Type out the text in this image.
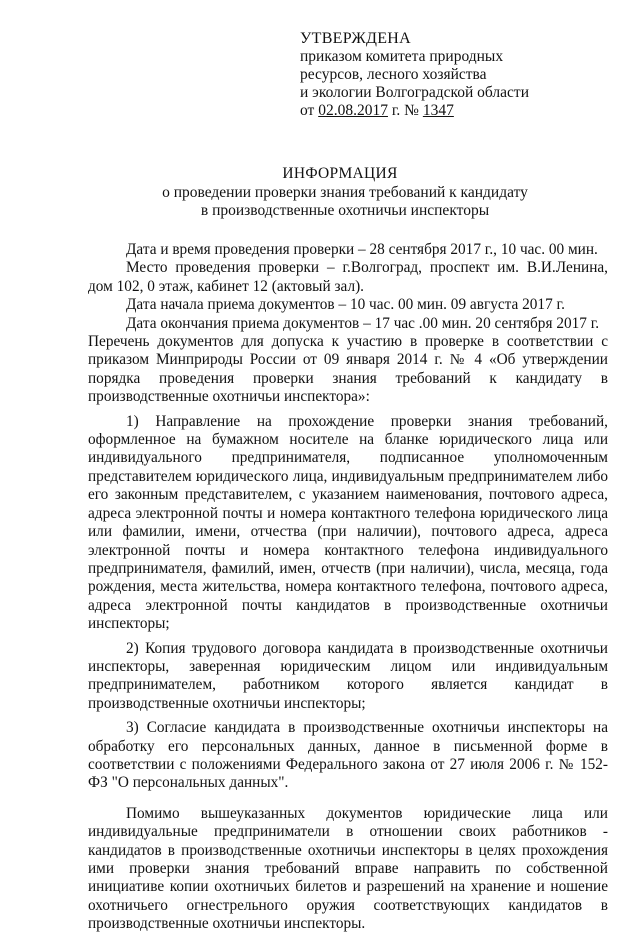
УТВЕРЖДЕНА
приказом комитета природных
ресурсов, лесного хозяйства
и экологии Волгоградской области
от 02.08.2017 г. № 1347
ИНФОРМАЦИЯ
о проведении проверки знания требований к кандидату
в производственные охотничьи инспекторы

Дата и время проведения проверки – 28 сентября 2017 г., 10 час. 00 мин.

Место проведения проверки – г.Волгоград, проспект им. В.И.Ленина, дом 102, 0 этаж, кабинет 12 (актовый зал).

Дата начала приема документов – 10 час. 00 мин. 09 августа 2017 г.

Дата окончания приема документов – 17 час .00 мин. 20 сентября 2017 г.

Перечень документов для допуска к участию в проверке в соответствии с приказом Минприроды России от 09 января 2014 г. № 4 «Об утверждении порядка проведения проверки знания требований к кандидату в производственные охотничьи инспектора»:

1) Направление на прохождение проверки знания требований, оформленное на бумажном носителе на бланке юридического лица или индивидуального предпринимателя, подписанное уполномоченным представителем юридического лица, индивидуальным предпринимателем либо его законным представителем, с указанием наименования, почтового адреса, адреса электронной почты и номера контактного телефона юридического лица или фамилии, имени, отчества (при наличии), почтового адреса, адреса электронной почты и номера контактного телефона индивидуального предпринимателя, фамилий, имен, отчеств (при наличии), числа, месяца, года рождения, места жительства, номера контактного телефона, почтового адреса, адреса электронной почты кандидатов в производственные охотничьи инспекторы;

2) Копия трудового договора кандидата в производственные охотничьи инспекторы, заверенная юридическим лицом или индивидуальным предпринимателем, работником которого является кандидат в производственные охотничьи инспекторы;

3) Согласие кандидата в производственные охотничьи инспекторы на обработку его персональных данных, данное в письменной форме в соответствии с положениями Федерального закона от 27 июля 2006 г. № 152-ФЗ "О персональных данных".

Помимо вышеуказанных документов юридические лица или индивидуальные предприниматели в отношении своих работников - кандидатов в производственные охотничьи инспекторы в целях прохождения ими проверки знания требований вправе направить по собственной инициативе копии охотничьих билетов и разрешений на хранение и ношение охотничьего огнестрельного оружия соответствующих кандидатов в производственные охотничьи инспекторы.
